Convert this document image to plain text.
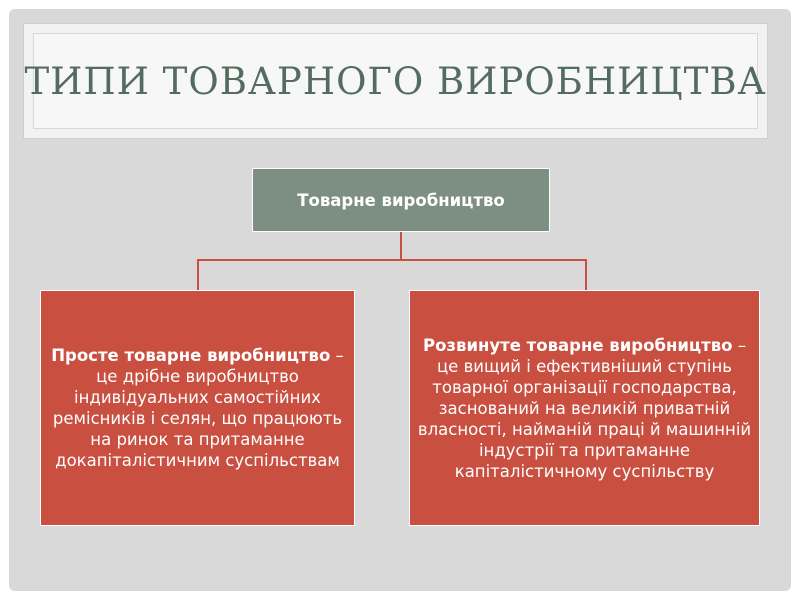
ТИПИ ТОВАРНОГО ВИРОБНИЦТВА
Товарне виробництво
Просте товарне виробництво – це дрібне виробництво індивідуальних самостійних ремісників і селян, що працюють на ринок та притаманне докапіталістичним суспільствам
Розвинуте товарне виробництво – це вищий і ефективніший ступінь товарної організації господарства, заснований на великій приватній власності, найманій праці й машинній індустрії та притаманне капіталістичному суспільству
